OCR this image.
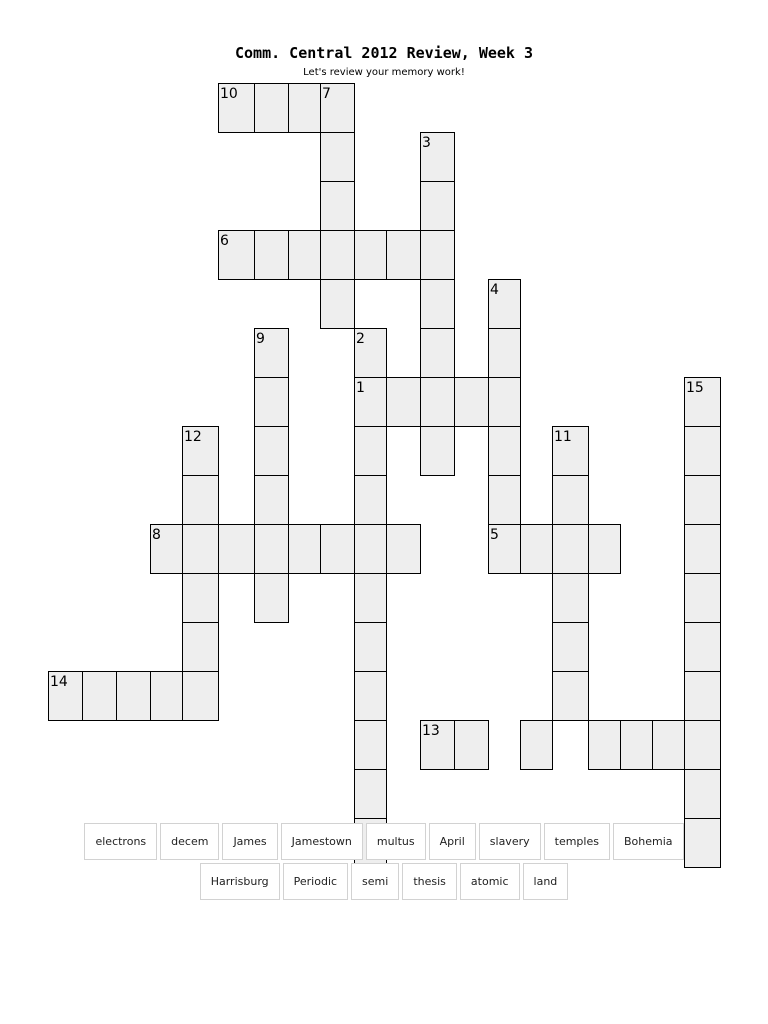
Comm. Central 2012 Review, Week 3
Let's review your memory work!
10	7
3
6
4
9	2
1	15
12	11
8	5
14
13
electrons	decem	James	Jamestown	multus	April	slavery	temples	Bohemia
Harrisburg	Periodic	semi	thesis	atomic	land
